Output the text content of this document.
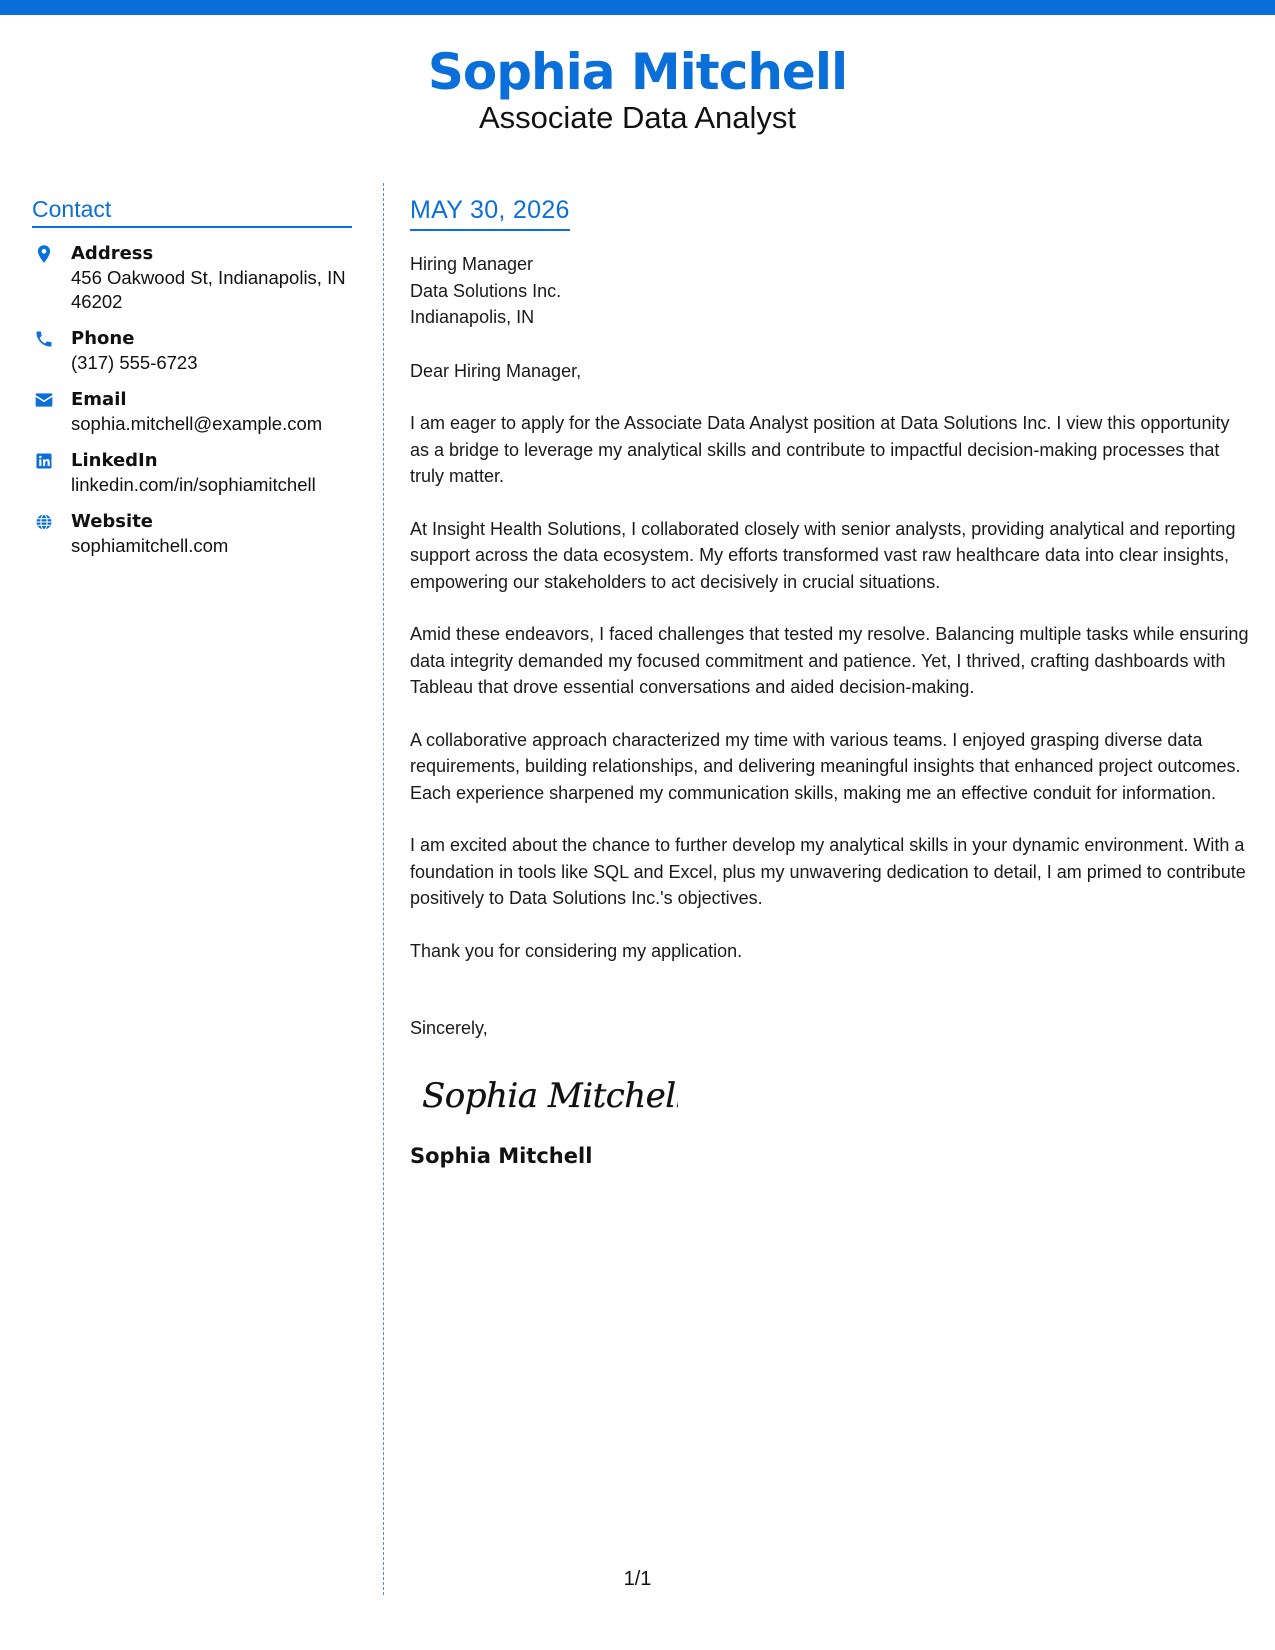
Sophia Mitchell
Associate Data Analyst
Contact
Address
456 Oakwood St, Indianapolis, IN
46202
Phone
(317) 555-6723
Email
sophia.mitchell@example.com
LinkedIn
linkedin.com/in/sophiamitchell
Website
sophiamitchell.com
MAY 30, 2026
Hiring Manager
Data Solutions Inc.
Indianapolis, IN
Dear Hiring Manager,
I am eager to apply for the Associate Data Analyst position at Data Solutions Inc. I view this opportunity as a bridge to leverage my analytical skills and contribute to impactful decision-making processes that truly matter.
At Insight Health Solutions, I collaborated closely with senior analysts, providing analytical and reporting support across the data ecosystem. My efforts transformed vast raw healthcare data into clear insights, empowering our stakeholders to act decisively in crucial situations.
Amid these endeavors, I faced challenges that tested my resolve. Balancing multiple tasks while ensuring data integrity demanded my focused commitment and patience. Yet, I thrived, crafting dashboards with Tableau that drove essential conversations and aided decision-making.
A collaborative approach characterized my time with various teams. I enjoyed grasping diverse data requirements, building relationships, and delivering meaningful insights that enhanced project outcomes. Each experience sharpened my communication skills, making me an effective conduit for information.
I am excited about the chance to further develop my analytical skills in your dynamic environment. With a foundation in tools like SQL and Excel, plus my unwavering dedication to detail, I am primed to contribute positively to Data Solutions Inc.'s objectives.
Thank you for considering my application.
Sincerely,
Sophia Mitchell
Sophia Mitchell
1/1
